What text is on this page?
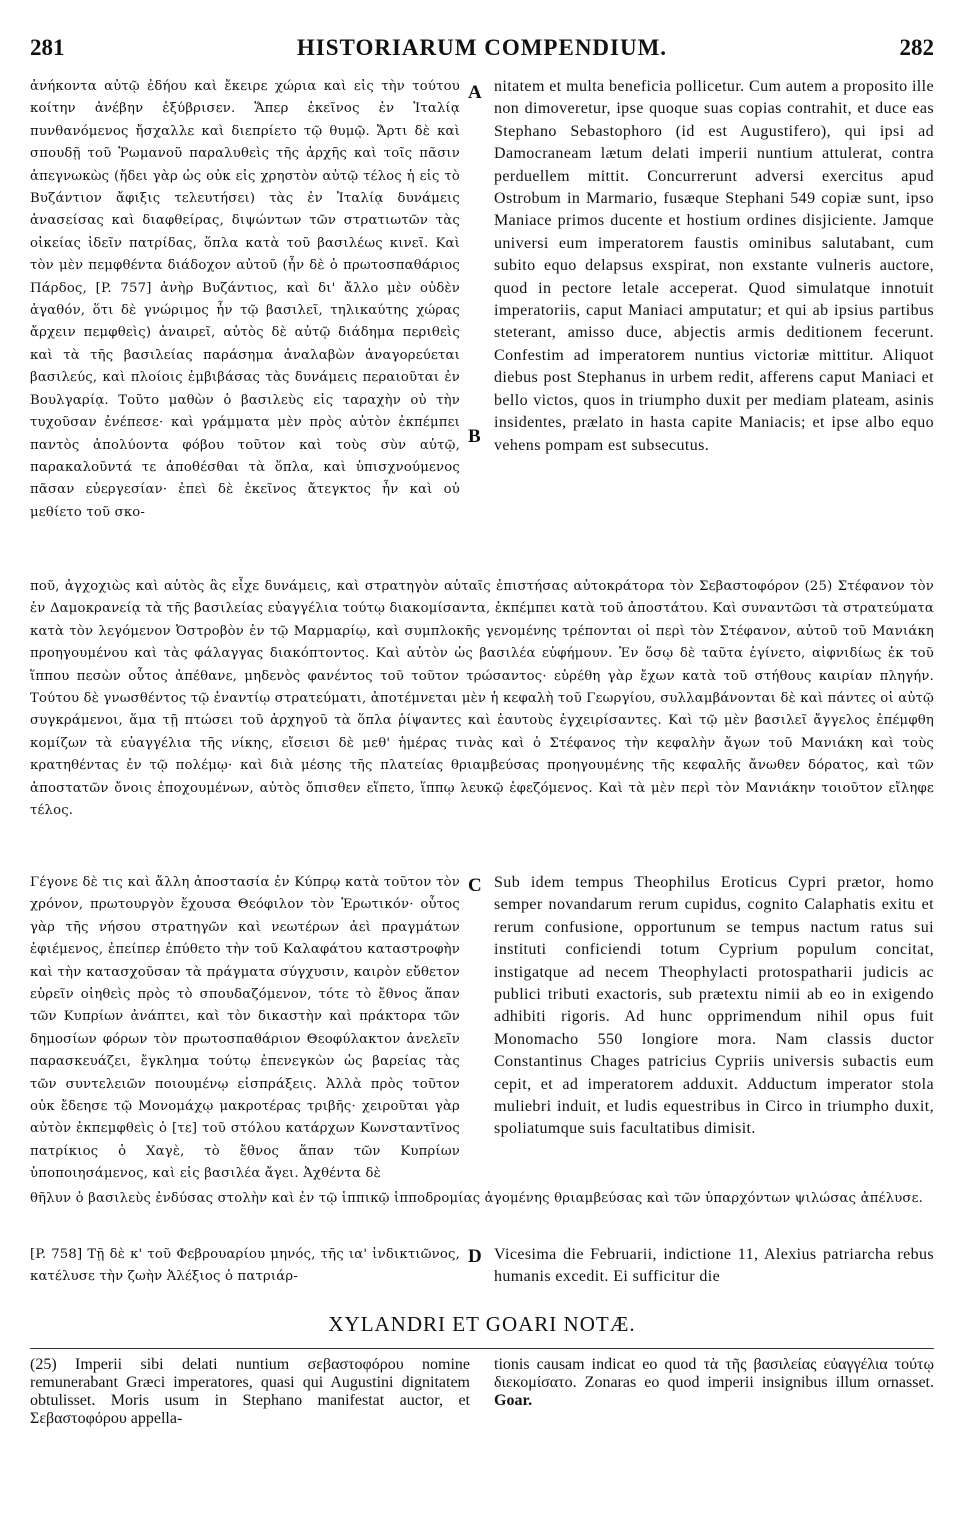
281	HISTORIARUM COMPENDIUM.	282
ἀνήκοντα αὐτῷ ἐδήου καὶ ἔκειρε χώρια καὶ εἰς τὴν τούτου κοίτην ἀνέβην ἐξύβρισεν. Ἅπερ ἐκεῖνος ἐν Ἰταλίᾳ πυνθανόμενος ἤσχαλλε καὶ διεπρίετο τῷ θυμῷ. Ἄρτι δὲ καὶ σπουδῇ τοῦ Ῥωμανοῦ παραλυθεὶς τῆς ἀρχῆς καὶ τοῖς πᾶσιν ἀπεγνωκὼς (ἤδει γὰρ ὡς οὐκ εἰς χρηστὸν αὐτῷ τέλος ἡ εἰς τὸ Βυζάντιον ἄφιξις τελευτήσει) τὰς ἐν Ἰταλίᾳ δυνάμεις ἀνασείσας καὶ διαφθείρας, διψώντων τῶν στρατιωτῶν τὰς οἰκείας ἰδεῖν πατρίδας, ὅπλα κατὰ τοῦ βασιλέως κινεῖ. Καὶ τὸν μὲν πεμφθέντα διάδοχον αὐτοῦ (ἦν δὲ ὁ πρωτοσπαθάριος Πάρδος, [P. 757] ἀνὴρ Βυζάντιος, καὶ δι' ἄλλο μὲν οὐδὲν ἀγαθόν, ὅτι δὲ γνώριμος ἦν τῷ βασιλεῖ, τηλικαύτης χώρας ἄρχειν πεμφθεὶς) ἀναιρεῖ, αὐτὸς δὲ αὐτῷ διάδημα περιθεὶς καὶ τὰ τῆς βασιλείας παράσημα ἀναλαβὼν ἀναγορεύεται βασιλεύς, καὶ πλοίοις ἐμβιβάσας τὰς δυνάμεις περαιοῦται ἐν Βουλγαρίᾳ. Τοῦτο μαθὼν ὁ βασιλεὺς εἰς ταραχὴν οὐ τὴν τυχοῦσαν ἐνέπεσε· καὶ γράμματα μὲν πρὸς αὐτὸν ἐκπέμπει παντὸς ἀπολύοντα φόβου τοῦτον καὶ τοὺς σὺν αὐτῷ, παρακαλοῦντά τε ἀποθέσθαι τὰ ὅπλα, καὶ ὑπισχνούμενος πᾶσαν εὐεργεσίαν· ἐπεὶ δὲ ἐκεῖνος ἄτεγκτος ἦν καὶ οὐ μεθίετο τοῦ σκο-
A
B
nitatem et multa beneficia pollicetur. Cum autem a proposito ille non dimoveretur, ipse quoque suas copias contrahit, et duce eas Stephano Sebastophoro (id est Augustifero), qui ipsi ad Damocraneam lætum delati imperii nuntium attulerat, contra perduellem mittit. Concurrerunt adversi exercitus apud Ostrobum in Marmario, fusæque Stephani 549 copiæ sunt, ipso Maniace primos ducente et hostium ordines disjiciente. Jamque universi eum imperatorem faustis ominibus salutabant, cum subito equo delapsus exspirat, non exstante vulneris auctore, quod in pectore letale acceperat. Quod simulatque innotuit imperatoriis, caput Maniaci amputatur; et qui ab ipsius partibus steterant, amisso duce, abjectis armis deditionem fecerunt. Confestim ad imperatorem nuntius victoriæ mittitur. Aliquot diebus post Stephanus in urbem redit, afferens caput Maniaci et bello victos, quos in triumpho duxit per mediam plateam, asinis insidentes, prælato in hasta capite Maniacis; et ipse albo equo vehens pompam est subsecutus.
ποῦ, ἀγχοχιὼς καὶ αὐτὸς ἃς εἶχε δυνάμεις, καὶ στρατηγὸν αὐταῖς ἐπιστήσας αὐτοκράτορα τὸν Σεβαστοφόρον (25) Στέφανον τὸν ἐν Δαμοκρανείᾳ τὰ τῆς βασιλείας εὐαγγέλια τούτῳ διακομίσαντα, ἐκπέμπει κατὰ τοῦ ἀποστάτου. Καὶ συναντῶσι τὰ στρατεύματα κατὰ τὸν λεγόμενον Ὀστροβὸν ἐν τῷ Μαρμαρίῳ, καὶ συμπλοκῆς γενομένης τρέπονται οἱ περὶ τὸν Στέφανον, αὐτοῦ τοῦ Μανιάκη προηγουμένου καὶ τὰς φάλαγγας διακόπτοντος. Καὶ αὐτὸν ὡς βασιλέα εὐφήμουν. Ἐν ὅσῳ δὲ ταῦτα ἐγίνετο, αἰφνιδίως ἐκ τοῦ ἵππου πεσὼν οὗτος ἀπέθανε, μηδενὸς φανέντος τοῦ τοῦτον τρώσαντος· εὑρέθη γὰρ ἔχων κατὰ τοῦ στήθους καιρίαν πληγήν. Τούτου δὲ γνωσθέντος τῷ ἐναντίῳ στρατεύματι, ἀποτέμνεται μὲν ἡ κεφαλὴ τοῦ Γεωργίου, συλλαμβάνονται δὲ καὶ πάντες οἱ αὐτῷ συγκράμενοι, ἅμα τῇ πτώσει τοῦ ἀρχηγοῦ τὰ ὅπλα ῥίψαντες καὶ ἑαυτοὺς ἐγχειρίσαντες. Καὶ τῷ μὲν βασιλεῖ ἄγγελος ἐπέμφθη κομίζων τὰ εὐαγγέλια τῆς νίκης, εἴσεισι δὲ μεθ' ἡμέρας τινὰς καὶ ὁ Στέφανος τὴν κεφαλὴν ἄγων τοῦ Μανιάκη καὶ τοὺς κρατηθέντας ἐν τῷ πολέμῳ· καὶ διὰ μέσης τῆς πλατείας θριαμβεύσας προηγουμένης τῆς κεφαλῆς ἄνωθεν δόρατος, καὶ τῶν ἀποστατῶν ὄνοις ἐποχουμένων, αὐτὸς ὄπισθεν εἵπετο, ἵππῳ λευκῷ ἐφεζόμενος. Καὶ τὰ μὲν περὶ τὸν Μανιάκην τοιοῦτον εἴληφε τέλος.
Γέγονε δὲ τις καὶ ἄλλη ἀποστασία ἐν Κύπρῳ κατὰ τοῦτον τὸν χρόνον, πρωτουργὸν ἔχουσα Θεόφιλον τὸν Ἐρωτικόν· οὗτος γὰρ τῆς νήσου στρατηγῶν καὶ νεωτέρων ἀεὶ πραγμάτων ἐφιέμενος, ἐπείπερ ἐπύθετο τὴν τοῦ Καλαφάτου καταστροφὴν καὶ τὴν κατασχοῦσαν τὰ πράγματα σύγχυσιν, καιρὸν εὔθετον εὑρεῖν οἰηθεὶς πρὸς τὸ σπουδαζόμενον, τότε τὸ ἔθνος ἅπαν τῶν Κυπρίων ἀνάπτει, καὶ τὸν δικαστὴν καὶ πράκτορα τῶν δημοσίων φόρων τὸν πρωτοσπαθάριον Θεοφύλακτον ἀνελεῖν παρασκευάζει, ἔγκλημα τούτῳ ἐπενεγκὼν ὡς βαρείας τὰς τῶν συντελειῶν ποιουμένῳ εἰσπράξεις. Ἀλλὰ πρὸς τοῦτον οὐκ ἔδεησε τῷ Μονομάχῳ μακροτέρας τριβῆς· χειροῦται γὰρ αὐτὸν ἐκπεμφθεὶς ὁ [τε] τοῦ στόλου κατάρχων Κωνσταντῖνος πατρίκιος ὁ Χαγὲ, τὸ ἔθνος ἅπαν τῶν Κυπρίων ὑποποιησάμενος, καὶ εἰς βασιλέα ἄγει. Ἀχθέντα δὲ
C Sub idem tempus Theophilus Eroticus Cypri prætor, homo semper novandarum rerum cupidus, cognito Calaphatis exitu et rerum confusione, opportunum se tempus nactum ratus sui instituti conficiendi totum Cyprium populum concitat, instigatque ad necem Theophylacti protospatharii judicis ac publici tributi exactoris, sub prætextu nimii ab eo in exigendo adhibiti rigoris. Ad hunc opprimendum nihil opus fuit Monomacho 550 longiore mora. Nam classis ductor Constantinus Chages patricius Cypriis universis subactis eum cepit, et ad imperatorem adduxit. Adductum imperator stola muliebri induit, et ludis equestribus in Circo in triumpho duxit, spoliatumque suis facultatibus dimisit.
θῆλυν ὁ βασιλεὺς ἐνδύσας στολὴν καὶ ἐν τῷ ἱππικῷ ἱπποδρομίας ἀγομένης θριαμβεύσας καὶ τῶν ὑπαρχόντων ψιλώσας ἀπέλυσε.
[P. 758] Τῇ δὲ κ' τοῦ Φεβρουαρίου μηνός, τῆς ια' ἰνδικτιῶνος, κατέλυσε τὴν ζωὴν Ἀλέξιος ὁ πατριάρ-
D Vicesima die Februarii, indictione 11, Alexius patriarcha rebus humanis excedit. Ei sufficitur die
XYLANDRI ET GOARI NOTÆ.
(25) Imperii sibi delati nuntium σεβαστοφόρου nomine remunerabant Græci imperatores, quasi qui Augustini dignitatem obtulisset. Moris usum in Stephano manifestat auctor, et Σεβαστοφόρου appella-
tionis causam indicat eo quod τὰ τῆς βασιλείας εὐαγγέλια τούτῳ διεκομίσατο. Zonaras eo quod imperii insignibus illum ornasset. Goar.
